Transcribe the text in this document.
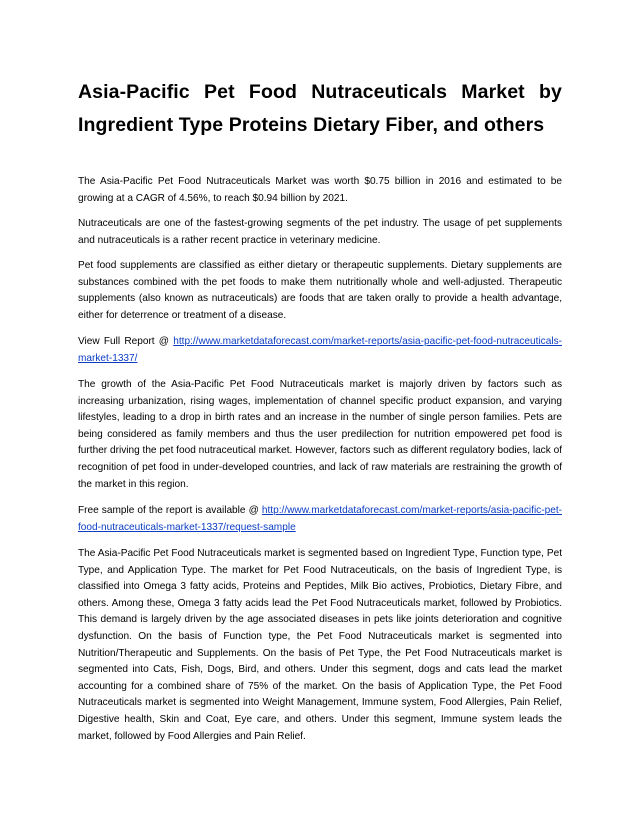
Asia-Pacific Pet Food Nutraceuticals Market by Ingredient Type Proteins Dietary Fiber, and others

The Asia-Pacific Pet Food Nutraceuticals Market was worth $0.75 billion in 2016 and estimated to be growing at a CAGR of 4.56%, to reach $0.94 billion by 2021.

Nutraceuticals are one of the fastest-growing segments of the pet industry. The usage of pet supplements and nutraceuticals is a rather recent practice in veterinary medicine.

Pet food supplements are classified as either dietary or therapeutic supplements. Dietary supplements are substances combined with the pet foods to make them nutritionally whole and well-adjusted. Therapeutic supplements (also known as nutraceuticals) are foods that are taken orally to provide a health advantage, either for deterrence or treatment of a disease.

View Full Report @ http://www.marketdataforecast.com/market-reports/asia-pacific-pet-food-nutraceuticals-market-1337/

The growth of the Asia-Pacific Pet Food Nutraceuticals market is majorly driven by factors such as increasing urbanization, rising wages, implementation of channel specific product expansion, and varying lifestyles, leading to a drop in birth rates and an increase in the number of single person families. Pets are being considered as family members and thus the user predilection for nutrition empowered pet food is further driving the pet food nutraceutical market. However, factors such as different regulatory bodies, lack of recognition of pet food in under-developed countries, and lack of raw materials are restraining the growth of the market in this region.

Free sample of the report is available @ http://www.marketdataforecast.com/market-reports/asia-pacific-pet-food-nutraceuticals-market-1337/request-sample

The Asia-Pacific Pet Food Nutraceuticals market is segmented based on Ingredient Type, Function type, Pet Type, and Application Type. The market for Pet Food Nutraceuticals, on the basis of Ingredient Type, is classified into Omega 3 fatty acids, Proteins and Peptides, Milk Bio actives, Probiotics, Dietary Fibre, and others. Among these, Omega 3 fatty acids lead the Pet Food Nutraceuticals market, followed by Probiotics. This demand is largely driven by the age associated diseases in pets like joints deterioration and cognitive dysfunction. On the basis of Function type, the Pet Food Nutraceuticals market is segmented into Nutrition/Therapeutic and Supplements. On the basis of Pet Type, the Pet Food Nutraceuticals market is segmented into Cats, Fish, Dogs, Bird, and others. Under this segment, dogs and cats lead the market accounting for a combined share of 75% of the market. On the basis of Application Type, the Pet Food Nutraceuticals market is segmented into Weight Management, Immune system, Food Allergies, Pain Relief, Digestive health, Skin and Coat, Eye care, and others. Under this segment, Immune system leads the market, followed by Food Allergies and Pain Relief.
